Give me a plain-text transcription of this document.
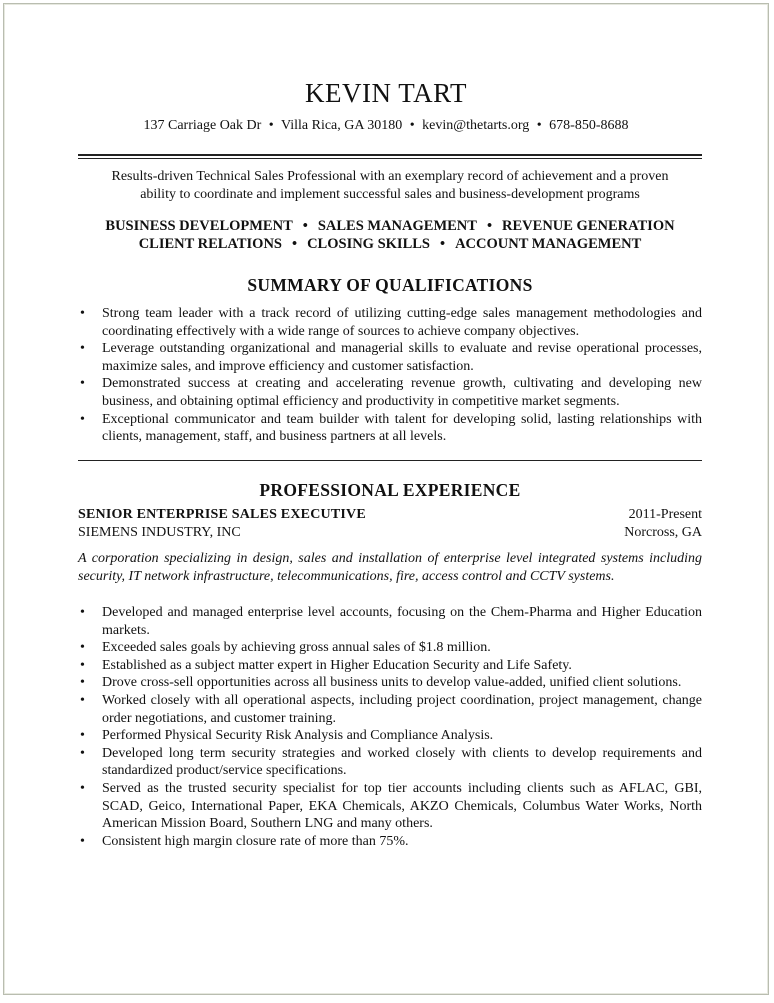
KEVIN TART
137 Carriage Oak Dr • Villa Rica, GA 30180 • kevin@thetarts.org • 678-850-8688
Results-driven Technical Sales Professional with an exemplary record of achievement and a proven
ability to coordinate and implement successful sales and business-development programs
BUSINESS DEVELOPMENT • SALES MANAGEMENT • REVENUE GENERATION
CLIENT RELATIONS • CLOSING SKILLS • ACCOUNT MANAGEMENT
SUMMARY OF QUALIFICATIONS
• Strong team leader with a track record of utilizing cutting-edge sales management methodologies and coordinating effectively with a wide range of sources to achieve company objectives.
• Leverage outstanding organizational and managerial skills to evaluate and revise operational processes, maximize sales, and improve efficiency and customer satisfaction.
• Demonstrated success at creating and accelerating revenue growth, cultivating and developing new business, and obtaining optimal efficiency and productivity in competitive market segments.
• Exceptional communicator and team builder with talent for developing solid, lasting relationships with clients, management, staff, and business partners at all levels.
PROFESSIONAL EXPERIENCE
SENIOR ENTERPRISE SALES EXECUTIVE	2011-Present
SIEMENS INDUSTRY, INC	Norcross, GA
A corporation specializing in design, sales and installation of enterprise level integrated systems including security, IT network infrastructure, telecommunications, fire, access control and CCTV systems.
• Developed and managed enterprise level accounts, focusing on the Chem-Pharma and Higher Education markets.
• Exceeded sales goals by achieving gross annual sales of $1.8 million.
• Established as a subject matter expert in Higher Education Security and Life Safety.
• Drove cross-sell opportunities across all business units to develop value-added, unified client solutions.
• Worked closely with all operational aspects, including project coordination, project management, change order negotiations, and customer training.
• Performed Physical Security Risk Analysis and Compliance Analysis.
• Developed long term security strategies and worked closely with clients to develop requirements and standardized product/service specifications.
• Served as the trusted security specialist for top tier accounts including clients such as AFLAC, GBI, SCAD, Geico, International Paper, EKA Chemicals, AKZO Chemicals, Columbus Water Works, North American Mission Board, Southern LNG and many others.
• Consistent high margin closure rate of more than 75%.
